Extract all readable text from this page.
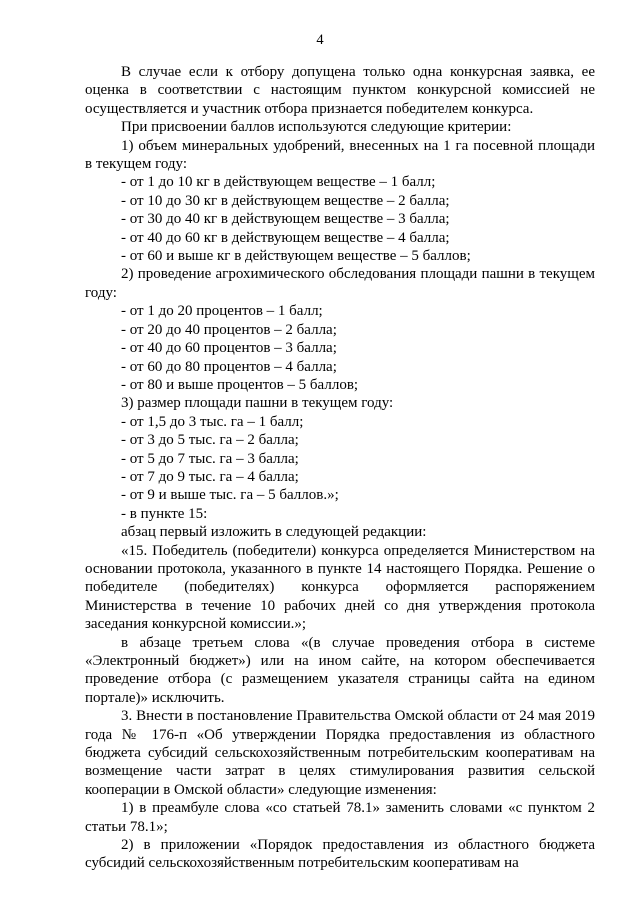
4

В случае если к отбору допущена только одна конкурсная заявка, ее оценка в соответствии с настоящим пунктом конкурсной комиссией не осуществляется и участник отбора признается победителем конкурса.

При присвоении баллов используются следующие критерии:

1) объем минеральных удобрений, внесенных на 1 га посевной площади в текущем году:

- от 1 до 10 кг в действующем веществе – 1 балл;

- от 10 до 30 кг в действующем веществе – 2 балла;

- от 30 до 40 кг в действующем веществе – 3 балла;

- от 40 до 60 кг в действующем веществе – 4 балла;

- от 60 и выше кг в действующем веществе – 5 баллов;

2) проведение агрохимического обследования площади пашни в текущем году:

- от 1 до 20 процентов – 1 балл;

- от 20 до 40 процентов – 2 балла;

- от 40 до 60 процентов – 3 балла;

- от 60 до 80 процентов – 4 балла;

- от 80 и выше процентов – 5 баллов;

3) размер площади пашни в текущем году:

- от 1,5 до 3 тыс. га – 1 балл;

- от 3 до 5 тыс. га – 2 балла;

- от 5 до 7 тыс. га – 3 балла;

- от 7 до 9 тыс. га – 4 балла;

- от 9 и выше тыс. га – 5 баллов.»;

- в пункте 15:

абзац первый изложить в следующей редакции:

«15. Победитель (победители) конкурса определяется Министерством на основании протокола, указанного в пункте 14 настоящего Порядка. Решение о победителе (победителях) конкурса оформляется распоряжением Министерства в течение 10 рабочих дней со дня утверждения протокола заседания конкурсной комиссии.»;

в абзаце третьем слова «(в случае проведения отбора в системе «Электронный бюджет») или на ином сайте, на котором обеспечивается проведение отбора (с размещением указателя страницы сайта на едином портале)» исключить.

3. Внести в постановление Правительства Омской области от 24 мая 2019 года № 176-п «Об утверждении Порядка предоставления из областного бюджета субсидий сельскохозяйственным потребительским кооперативам на возмещение части затрат в целях стимулирования развития сельской кооперации в Омской области» следующие изменения:

1) в преамбуле слова «со статьей 78.1» заменить словами «с пунктом 2 статьи 78.1»;

2) в приложении «Порядок предоставления из областного бюджета субсидий сельскохозяйственным потребительским кооперативам на
